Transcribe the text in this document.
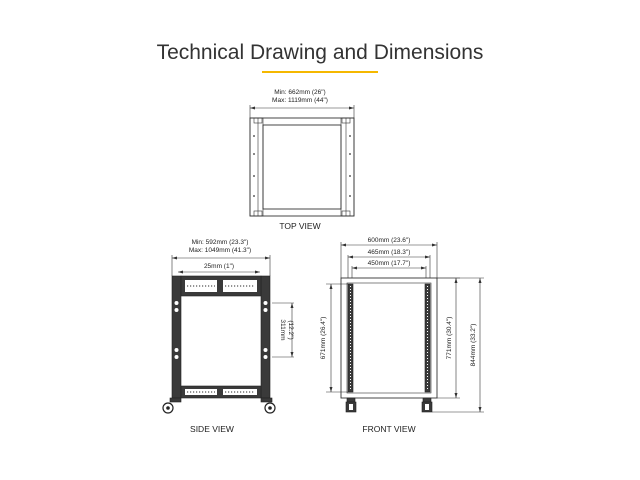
Technical Drawing and Dimensions
Min: 662mm (26")
Max: 1119mm (44")
TOP VIEW
Min: 592mm (23.3")
Max: 1049mm (41.3")
25mm (1")
311mm (12.2")
SIDE VIEW
600mm (23.6")
465mm (18.3")
450mm (17.7")
671mm (26.4")	771mm (30.4")	844mm (33.2")
FRONT VIEW
